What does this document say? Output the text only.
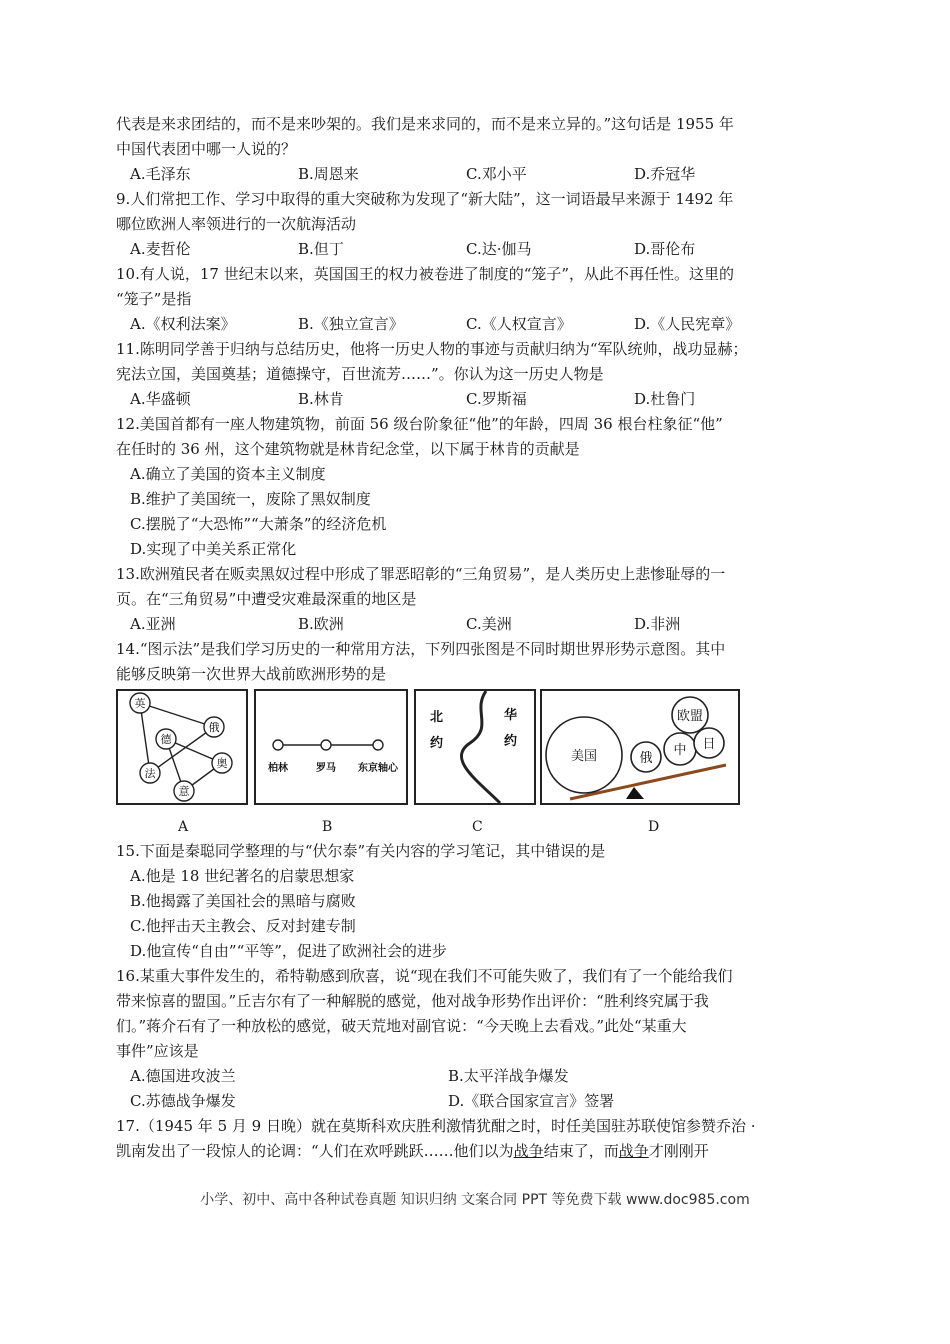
代表是来求团结的，而不是来吵架的。我们是来求同的，而不是来立异的。”这句话是 1955 年
中国代表团中哪一人说的？
A.毛泽东	B.周恩来	C.邓小平	D.乔冠华
9.人们常把工作、学习中取得的重大突破称为发现了“新大陆”，这一词语最早来源于 1492 年
哪位欧洲人率领进行的一次航海活动
A.麦哲伦	B.但丁	C.达·伽马	D.哥伦布
10.有人说，17 世纪末以来，英国国王的权力被卷进了制度的“笼子”，从此不再任性。这里的
“笼子”是指
A.《权利法案》	B.《独立宣言》	C.《人权宣言》	D.《人民宪章》
11.陈明同学善于归纳与总结历史，他将一历史人物的事迹与贡献归纳为“军队统帅，战功显赫；
宪法立国，美国奠基；道德操守，百世流芳……”。你认为这一历史人物是
A.华盛顿	B.林肯	C.罗斯福	D.杜鲁门
12.美国首都有一座人物建筑物，前面 56 级台阶象征“他”的年龄，四周 36 根台柱象征“他”
在任时的 36 州，这个建筑物就是林肯纪念堂，以下属于林肯的贡献是
A.确立了美国的资本主义制度
B.维护了美国统一，废除了黑奴制度
C.摆脱了“大恐怖”“大萧条”的经济危机
D.实现了中美关系正常化
13.欧洲殖民者在贩卖黑奴过程中形成了罪恶昭彰的“三角贸易”，是人类历史上悲惨耻辱的一
页。在“三角贸易”中遭受灾难最深重的地区是
A.亚洲	B.欧洲	C.美洲	D.非洲
14.“图示法”是我们学习历史的一种常用方法，下列四张图是不同时期世界形势示意图。其中
能够反映第一次世界大战前欧洲形势的是
英
俄
德
法
奥
意
柏林	罗马 东京轴心
北
约
华
约
美国	俄
中 日
欧盟
A	B	C	D
15.下面是秦聪同学整理的与“伏尔泰”有关内容的学习笔记，其中错误的是
A.他是 18 世纪著名的启蒙思想家
B.他揭露了美国社会的黑暗与腐败
C.他抨击天主教会、反对封建专制
D.他宣传“自由”“平等”，促进了欧洲社会的进步
16.某重大事件发生的，希特勒感到欣喜，说“现在我们不可能失败了，我们有了一个能给我们
带来惊喜的盟国。”丘吉尔有了一种解脱的感觉，他对战争形势作出评价：“胜利终究属于我
们。”蒋介石有了一种放松的感觉，破天荒地对副官说：“今天晚上去看戏。”此处“某重大
事件”应该是
A.德国进攻波兰	B.太平洋战争爆发
C.苏德战争爆发	D.《联合国家宣言》签署
17.（1945 年 5 月 9 日晚）就在莫斯科欢庆胜利激情犹酣之时，时任美国驻苏联使馆参赞乔治 ·
凯南发出了一段惊人的论调：“人们在欢呼跳跃……他们以为战争结束了，而战争才刚刚开
小学、初中、高中各种试卷真题 知识归纳 文案合同 PPT 等免费下载 www.doc985.com
